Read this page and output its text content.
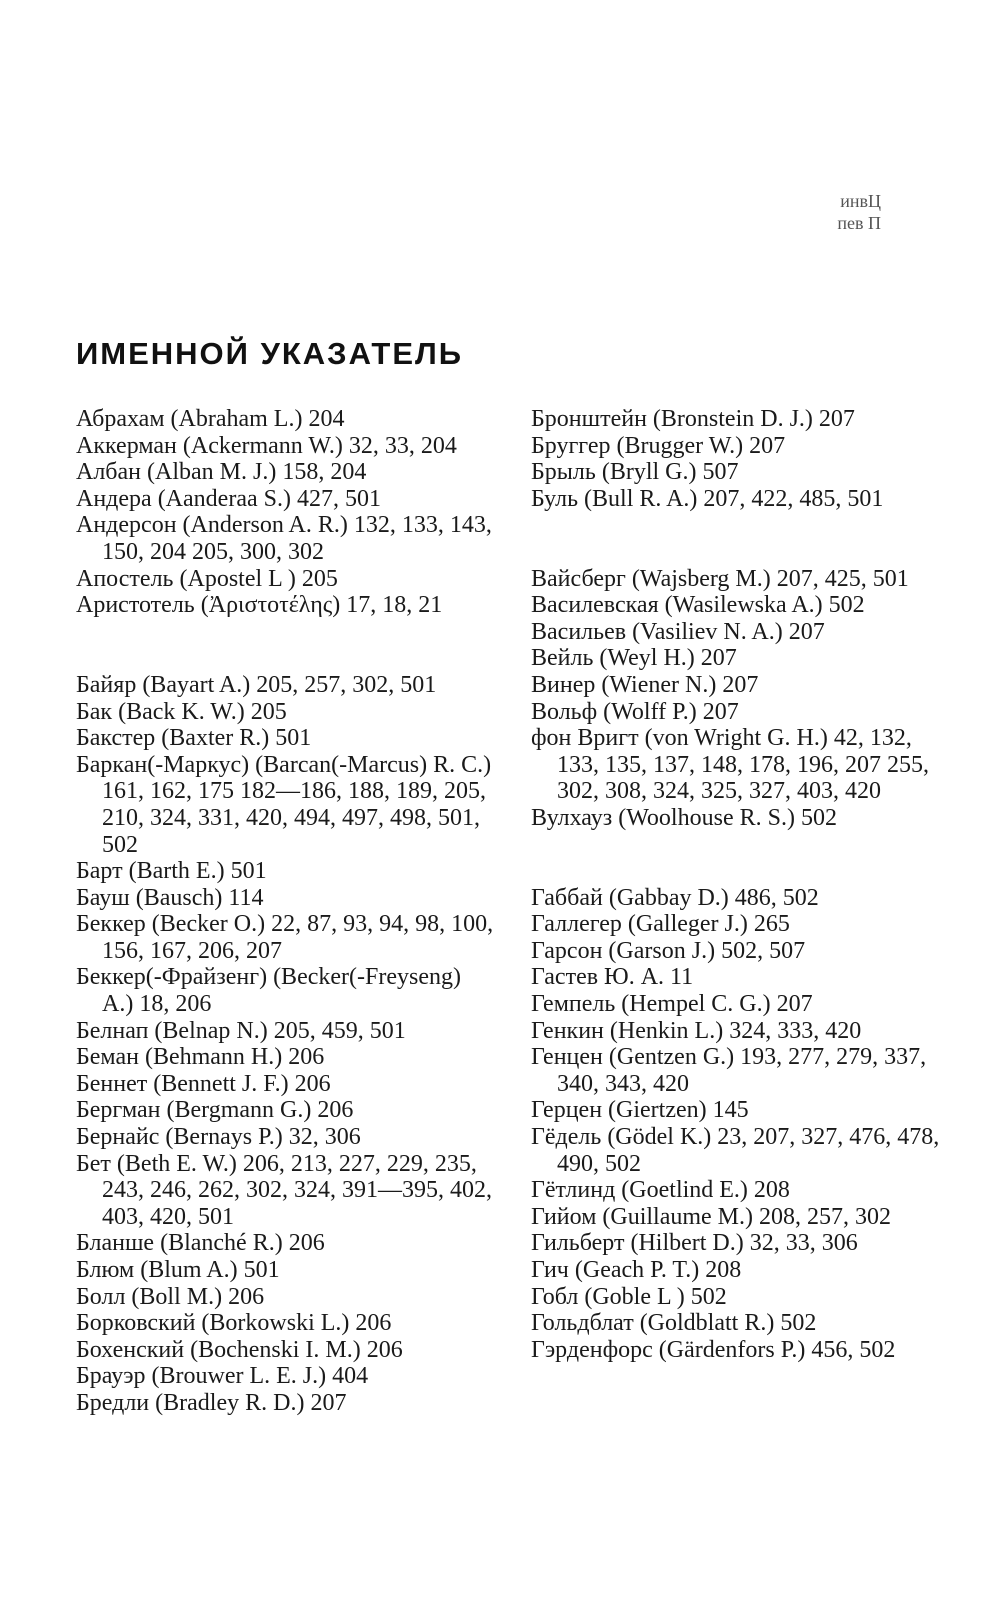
инвЦ
пев П
ИМЕННОЙ УКАЗАТЕЛЬ

Абрахам (Abraham L.) 204

Аккерман (Ackermann W.) 32, 33, 204

Албан (Alban M. J.) 158, 204

Андера (Aanderaa S.) 427, 501

Андерсон (Anderson A. R.) 132, 133, 143, 150, 204 205, 300, 302

Апостель (Apostel L ) 205

Аристотель (Ἀριστοτέλης) 17, 18, 21

Байяр (Bayart A.) 205, 257, 302, 501

Бак (Back K. W.) 205

Бакстер (Baxter R.) 501

Баркан(-Маркус) (Barcan(-Marcus) R. C.) 161, 162, 175 182—186, 188, 189, 205, 210, 324, 331, 420, 494, 497, 498, 501, 502

Барт (Barth E.) 501

Бауш (Bausch) 114

Беккер (Becker O.) 22, 87, 93, 94, 98, 100, 156, 167, 206, 207

Беккер(-Фрайзенг) (Becker(-Freyseng) A.) 18, 206

Белнап (Belnap N.) 205, 459, 501

Беман (Behmann H.) 206

Беннет (Bennett J. F.) 206

Бергман (Bergmann G.) 206

Бернайс (Bernays P.) 32, 306

Бет (Beth E. W.) 206, 213, 227, 229, 235, 243, 246, 262, 302, 324, 391—395, 402, 403, 420, 501

Бланше (Blanché R.) 206

Блюм (Blum A.) 501

Болл (Boll M.) 206

Борковский (Borkowski L.) 206

Бохенский (Bochenski I. M.) 206

Брауэр (Brouwer L. E. J.) 404

Бредли (Bradley R. D.) 207

Бронштейн (Bronstein D. J.) 207

Бруггер (Brugger W.) 207

Брыль (Bryll G.) 507

Буль (Bull R. A.) 207, 422, 485, 501

Вайсберг (Wajsberg M.) 207, 425, 501

Василевская (Wasilewska A.) 502

Васильев (Vasiliev N. A.) 207

Вейль (Weyl H.) 207

Винер (Wiener N.) 207

Вольф (Wolff P.) 207

фон Вригт (von Wright G. H.) 42, 132, 133, 135, 137, 148, 178, 196, 207 255, 302, 308, 324, 325, 327, 403, 420

Вулхауз (Woolhouse R. S.) 502

Габбай (Gabbay D.) 486, 502

Галлегер (Galleger J.) 265

Гарсон (Garson J.) 502, 507

Гастев Ю. А. 11

Гемпель (Hempel C. G.) 207

Генкин (Henkin L.) 324, 333, 420

Генцен (Gentzen G.) 193, 277, 279, 337, 340, 343, 420

Герцен (Giertzen) 145

Гёдель (Gödel K.) 23, 207, 327, 476, 478, 490, 502

Гётлинд (Goetlind E.) 208

Гийом (Guillaume M.) 208, 257, 302

Гильберт (Hilbert D.) 32, 33, 306

Гич (Geach P. T.) 208

Гобл (Goble L ) 502

Гольдблат (Goldblatt R.) 502

Гэрденфорс (Gärdenfors P.) 456, 502
